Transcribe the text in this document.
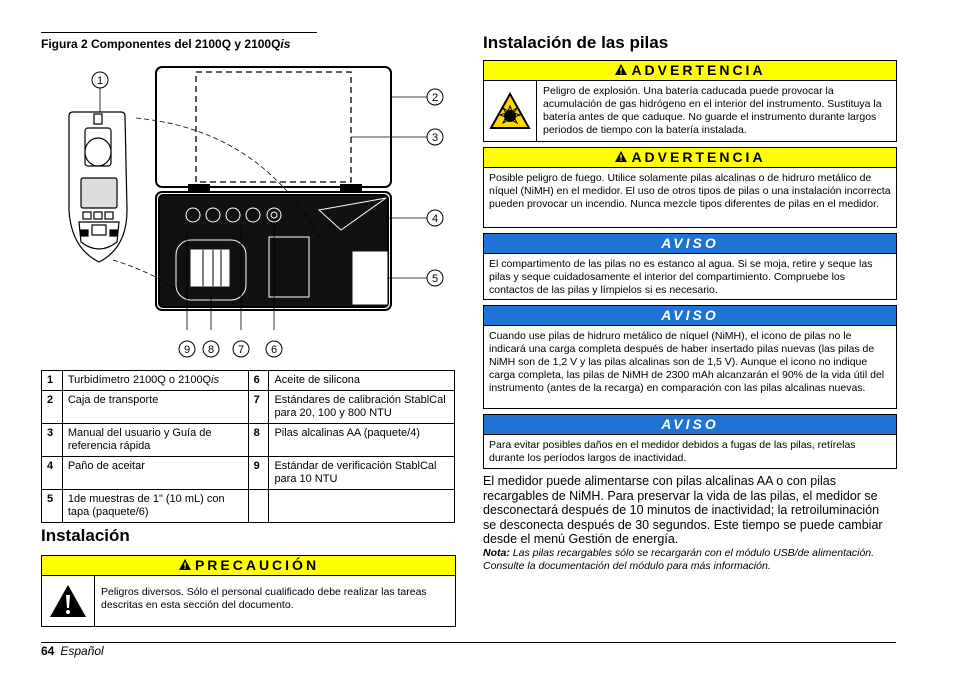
Figura 2 Componentes del 2100Q y 2100Qis
1
2
3
4
5
9 8 7 6
1	Turbidímetro 2100Q o 2100Qis	6	Aceite de silicona
2	Caja de transporte	7	Estándares de calibración StablCal para 20, 100 y 800 NTU
3	Manual del usuario y Guía de referencia rápida	8	Pilas alcalinas AA (paquete/4)
4	Paño de aceitar	9	Estándar de verificación StablCal para 10 NTU
5	1de muestras de 1" (10 mL) con tapa (paquete/6)		
Instalación
PRECAUCIÓN
Peligros diversos. Sólo el personal cualificado debe realizar las tareas descritas en esta sección del documento.
Instalación de las pilas
ADVERTENCIA
Peligro de explosión. Una batería caducada puede provocar la acumulación de gas hidrógeno en el interior del instrumento. Sustituya la batería antes de que caduque. No guarde el instrumento durante largos periodos de tiempo con la batería instalada.
ADVERTENCIA
Posible peligro de fuego. Utilice solamente pilas alcalinas o de hidruro metálico de níquel (NiMH) en el medidor. El uso de otros tipos de pilas o una instalación incorrecta pueden provocar un incendio. Nunca mezcle tipos diferentes de pilas en el medidor.
AVISO
El compartimento de las pilas no es estanco al agua. Si se moja, retire y seque las pilas y seque cuidadosamente el interior del compartimiento. Compruebe los contactos de las pilas y límpielos si es necesario.
AVISO
Cuando use pilas de hidruro metálico de níquel (NiMH), el icono de pilas no le indicará una carga completa después de haber insertado pilas nuevas (las pilas de NiMH son de 1,2 V y las pilas alcalinas son de 1,5 V). Aunque el icono no indique carga completa, las pilas de NiMH de 2300 mAh alcanzarán el 90% de la vida útil del instrumento (antes de la recarga) en comparación con las pilas alcalinas nuevas.
AVISO
Para evitar posibles daños en el medidor debidos a fugas de las pilas, retírelas durante los períodos largos de inactividad.
El medidor puede alimentarse con pilas alcalinas AA o con pilas recargables de NiMH. Para preservar la vida de las pilas, el medidor se desconectará después de 10 minutos de inactividad; la retroiluminación se desconecta después de 30 segundos. Este tiempo se puede cambiar desde el menú Gestión de energía.
Nota: Las pilas recargables sólo se recargarán con el módulo USB/de alimentación. Consulte la documentación del módulo para más información.
64 Español
